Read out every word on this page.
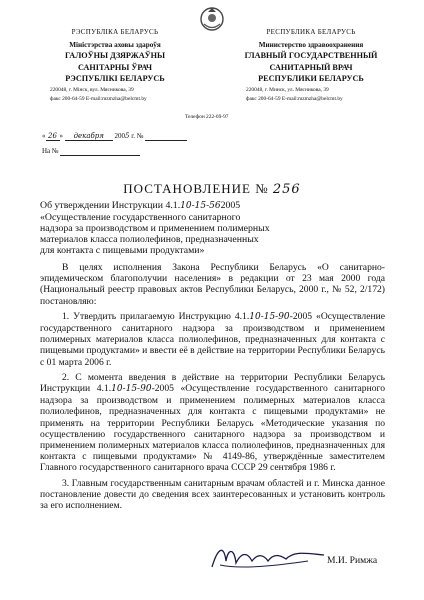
РЭСПУБЛІКА БЕЛАРУСЬ
Міністэрства аховы здароўя
ГАЛОЎНЫ ДЗЯРЖАЎНЫ
САНІТАРНЫ ЎРАЧ
РЭСПУБЛІКІ БЕЛАРУСЬ
220048, г. Мінск, вул. Мясникова, 39
факс 200-64-59 E-mail:mzmzha@belcmt.by
Телефон 222-69-97
РЕСПУБЛИКА БЕЛАРУСЬ
Министерство здравоохранения
ГЛАВНЫЙ ГОСУДАРСТВЕННЫЙ
САНИТАРНЫЙ ВРАЧ
РЕСПУБЛИКИ БЕЛАРУСЬ
220048, г. Минск, ул. Мясникова, 39
факс 200-64-59 E-mail:mzmzha@belcmt.by
« 26 » декабря 2005 г. №
На №
ПОСТАНОВЛЕНИЕ № 256
Об утверждении Инструкции 4.1.10-15-562005
«Осуществление государственного санитарного
надзора за производством и применением полимерных
материалов класса полиолефинов, предназначенных
для контакта с пищевыми продуктами»

В целях исполнения Закона Республики Беларусь «О санитарно-эпидемическом благополучии населения» в редакции от 23 мая 2000 года (Национальный реестр правовых актов Республики Беларусь, 2000 г., № 52, 2/172) постановляю:

1. Утвердить прилагаемую Инструкцию 4.1.10-15-90-2005 «Осуществление государственного санитарного надзора за производством и применением полимерных материалов класса полиолефинов, предназначенных для контакта с пищевыми продуктами» и ввести её в действие на территории Республики Беларусь с 01 марта 2006 г.

2. С момента введения в действие на территории Республики Беларусь Инструкции 4.1.10-15-90-2005 «Осуществление государственного санитарного надзора за производством и применением полимерных материалов класса полиолефинов, предназначенных для контакта с пищевыми продуктами» не применять на территории Республики Беларусь «Методические указания по осуществлению государственного санитарного надзора за производством и применением полимерных материалов класса полиолефинов, предназначенных для контакта с пищевыми продуктами» № 4149-86, утверждённые заместителем Главного государственного санитарного врача СССР 29 сентября 1986 г.

3. Главным государственным санитарным врачам областей и г. Минска данное постановление довести до сведения всех заинтересованных и установить контроль за его исполнением.

М.И. Римжа
